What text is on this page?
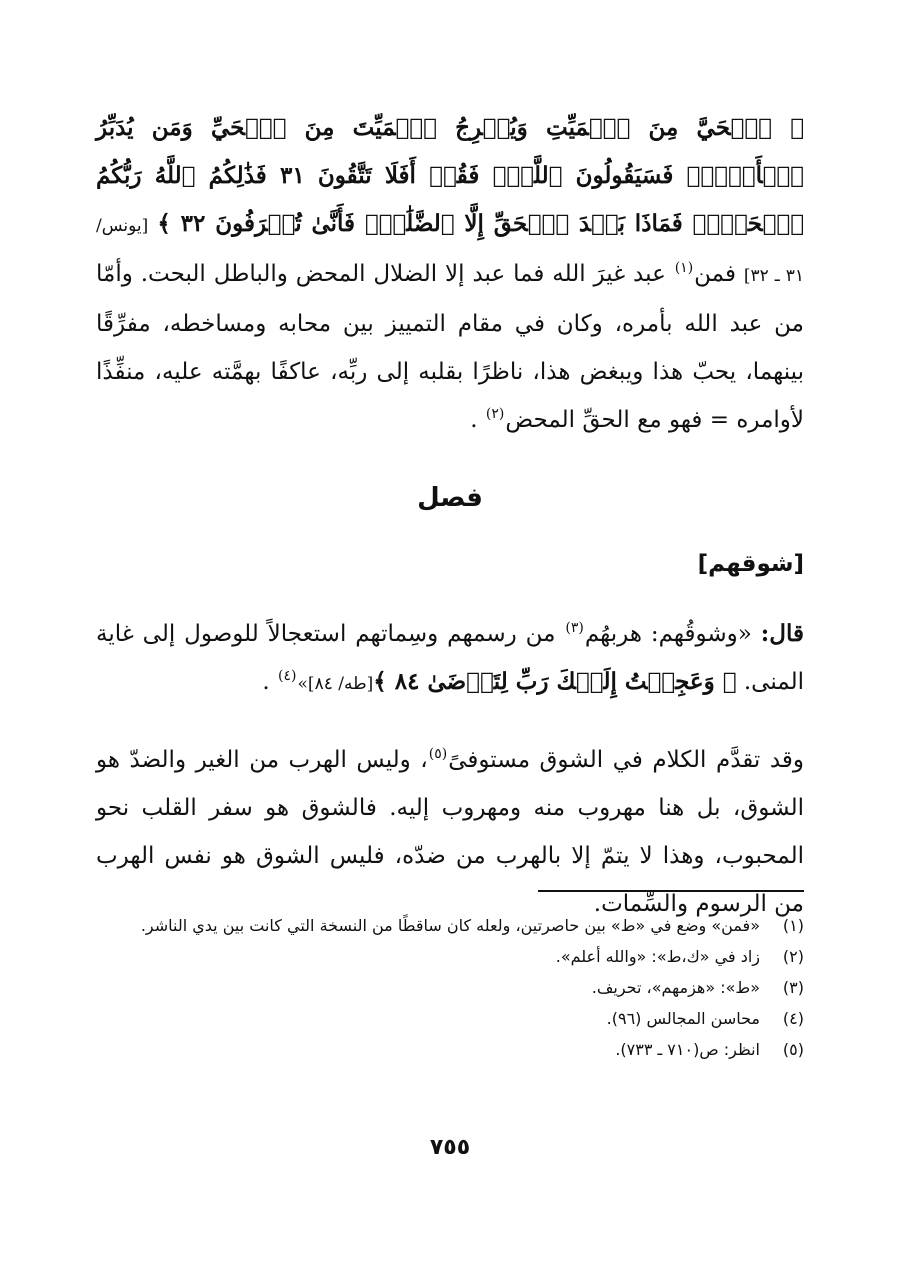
﴿ ٱلۡحَيَّ مِنَ ٱلۡمَيِّتِ وَيُخۡرِجُ ٱلۡمَيِّتَ مِنَ ٱلۡحَيِّ وَمَن يُدَبِّرُ ٱلۡأَمۡرَۚ فَسَيَقُولُونَ ٱللَّهُۚ فَقُلۡ أَفَلَا تَتَّقُونَ ٣١ فَذَٰلِكُمُ ٱللَّهُ رَبُّكُمُ ٱلۡحَقُّۖ فَمَاذَا بَعۡدَ ٱلۡحَقِّ إِلَّا ٱلضَّلَٰلُۖ فَأَنَّىٰ تُصۡرَفُونَ ٣٢ ﴾ [يونس/ ٣١ ـ ٣٢] فمن$^{(١)}$ عبد غيرَ الله فما عبد إلا الضلال المحض والباطل البحت. وأمّا من عبد الله بأمره، وكان في مقام التمييز بين محابه ومساخطه، مفرِّقًا بينهما، يحبّ هذا ويبغض هذا، ناظرًا بقلبه إلى ربِّه، عاكفًا بهمَّته عليه، منفِّذًا لأوامره = فهو مع الحقِّ المحض$^{(٢)}$ .

فصل
[شوقهم]

قال: «وشوقُهم: هربهُم$^{(٣)}$ من رسمهم وسِماتهم استعجالاً للوصول إلى غاية المنى. ﴿ وَعَجِلۡتُ إِلَيۡكَ رَبِّ لِتَرۡضَىٰ ٨٤ ﴾[طه/ ٨٤]»$^{(٤)}$ .

وقد تقدَّم الكلام في الشوق مستوفىً$^{(٥)}$، وليس الهرب من الغير والضدّ هو الشوق، بل هنا مهروب منه ومهروب إليه. فالشوق هو سفر القلب نحو المحبوب، وهذا لا يتمّ إلا بالهرب من ضدّه، فليس الشوق هو نفس الهرب من الرسوم والسِّمات.

(١)
«فمن» وضع في «ط» بين حاصرتين، ولعله كان ساقطًا من النسخة التي كانت بين يدي الناشر.
(٢)
زاد في «ك،ط»: «والله أعلم».
(٣)
«ط»: «هزمهم»، تحريف.
(٤)
محاسن المجالس (٩٦).
(٥)
انظر: ص(٧١٠ ـ ٧٣٣).
٧٥٥
